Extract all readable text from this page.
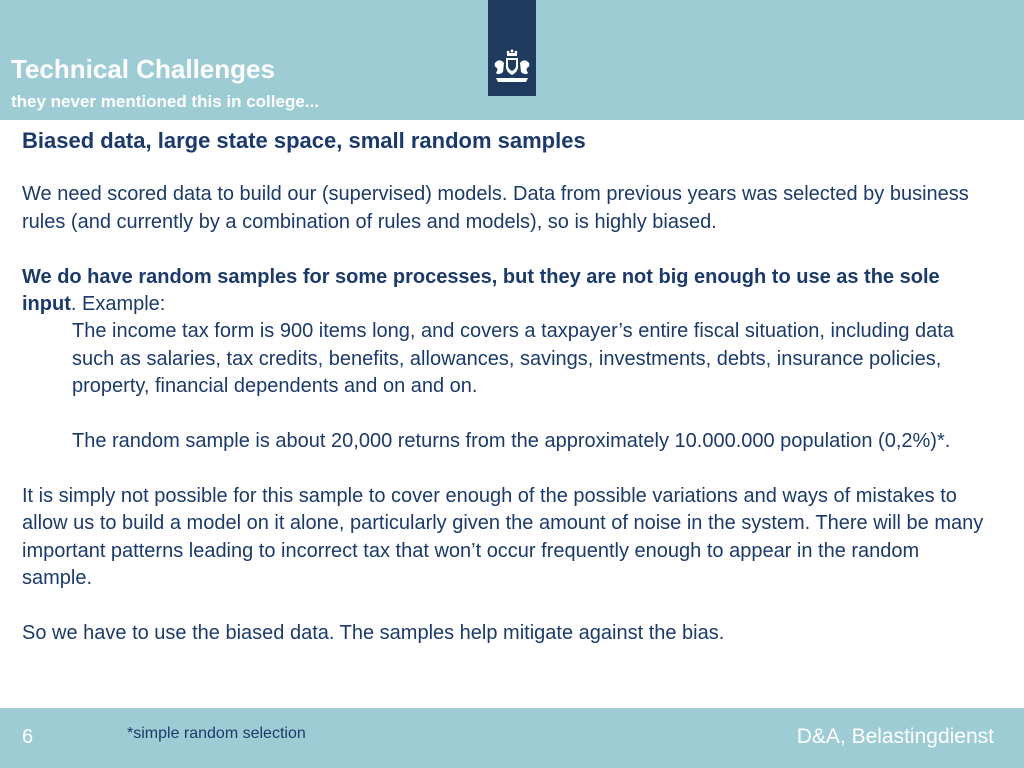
Technical Challenges
they never mentioned this in college...

Biased data, large state space, small random samples

We need scored data to build our (supervised) models. Data from previous years was selected by business rules (and currently by a combination of rules and models), so is highly biased.

We do have random samples for some processes, but they are not big enough to use as the sole input. Example:

The income tax form is 900 items long, and covers a taxpayer’s entire fiscal situation, including data such as salaries, tax credits, benefits, allowances, savings, investments, debts, insurance policies, property, financial dependents and on and on.

The random sample is about 20,000 returns from the approximately 10.000.000 population (0,2%)*.

It is simply not possible for this sample to cover enough of the possible variations and ways of mistakes to allow us to build a model on it alone, particularly given the amount of noise in the system. There will be many important patterns leading to incorrect tax that won’t occur frequently enough to appear in the random sample.

So we have to use the biased data. The samples help mitigate against the bias.

6	*simple random selection	D&A, Belastingdienst
